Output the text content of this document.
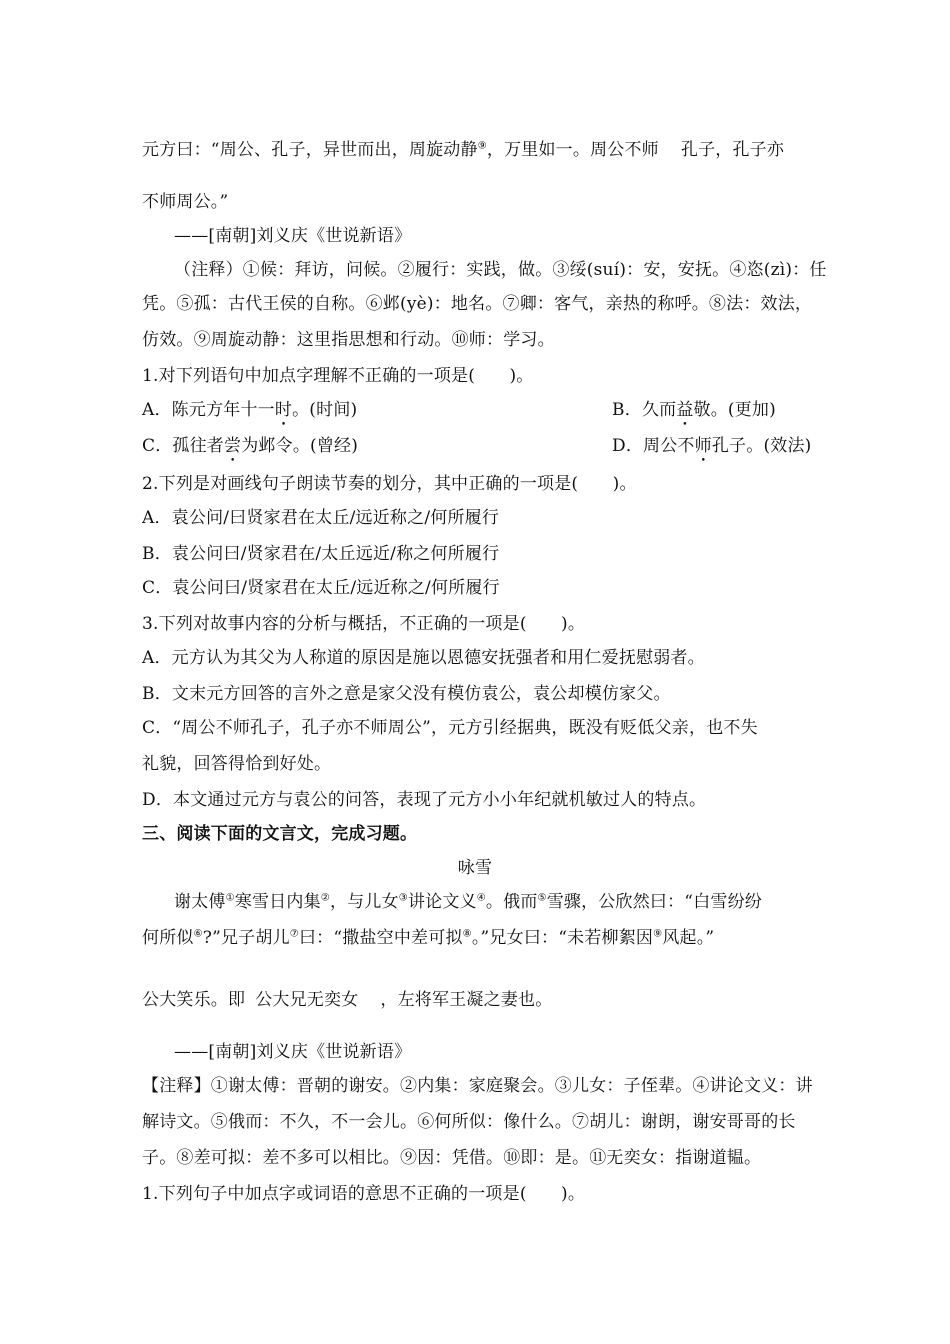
元方曰：“周公、孔子，异世而出，周旋动静⑨，万里如一。周公不师 孔子，孔子亦
不师周公。”
——[南朝]刘义庆《世说新语》
（注释）①候：拜访，问候。②履行：实践，做。③绥(suí)：安，安抚。④恣(zì)：任
凭。⑤孤：古代王侯的自称。⑥邺(yè)：地名。⑦卿：客气，亲热的称呼。⑧法：效法，
仿效。⑨周旋动静：这里指思想和行动。⑩师：学习。
1.对下列语句中加点字理解不正确的一项是(　　)。
A．陈元方年十一时。(时间)	B．久而益敬。(更加)
C．孤往者尝为邺令。(曾经)	D．周公不师孔子。(效法)
2.下列是对画线句子朗读节奏的划分，其中正确的一项是(　　)。
A．袁公问/曰贤家君在太丘/远近称之/何所履行
B．袁公问曰/贤家君在/太丘远近/称之何所履行
C．袁公问曰/贤家君在太丘/远近称之/何所履行
3.下列对故事内容的分析与概括，不正确的一项是(　　)。
A．元方认为其父为人称道的原因是施以恩德安抚强者和用仁爱抚慰弱者。
B．文末元方回答的言外之意是家父没有模仿袁公，袁公却模仿家父。
C．“周公不师孔子，孔子亦不师周公”，元方引经据典，既没有贬低父亲，也不失
礼貌，回答得恰到好处。
D．本文通过元方与袁公的问答，表现了元方小小年纪就机敏过人的特点。
三、阅读下面的文言文，完成习题。
咏雪
谢太傅①寒雪日内集②，与儿女③讲论文义④。俄而⑤雪骤，公欣然曰：“白雪纷纷
何所似⑥?”兄子胡儿⑦曰：“撒盐空中差可拟⑧。”兄女曰：“未若柳絮因⑨风起。”
公大笑乐。即 公大兄无奕女 ，左将军王凝之妻也。
——[南朝]刘义庆《世说新语》
【注释】①谢太傅：晋朝的谢安。②内集：家庭聚会。③儿女：子侄辈。④讲论文义：讲
解诗文。⑤俄而：不久，不一会儿。⑥何所似：像什么。⑦胡儿：谢朗，谢安哥哥的长
子。⑧差可拟：差不多可以相比。⑨因：凭借。⑩即：是。⑪无奕女：指谢道韫。
1.下列句子中加点字或词语的意思不正确的一项是(　　)。
